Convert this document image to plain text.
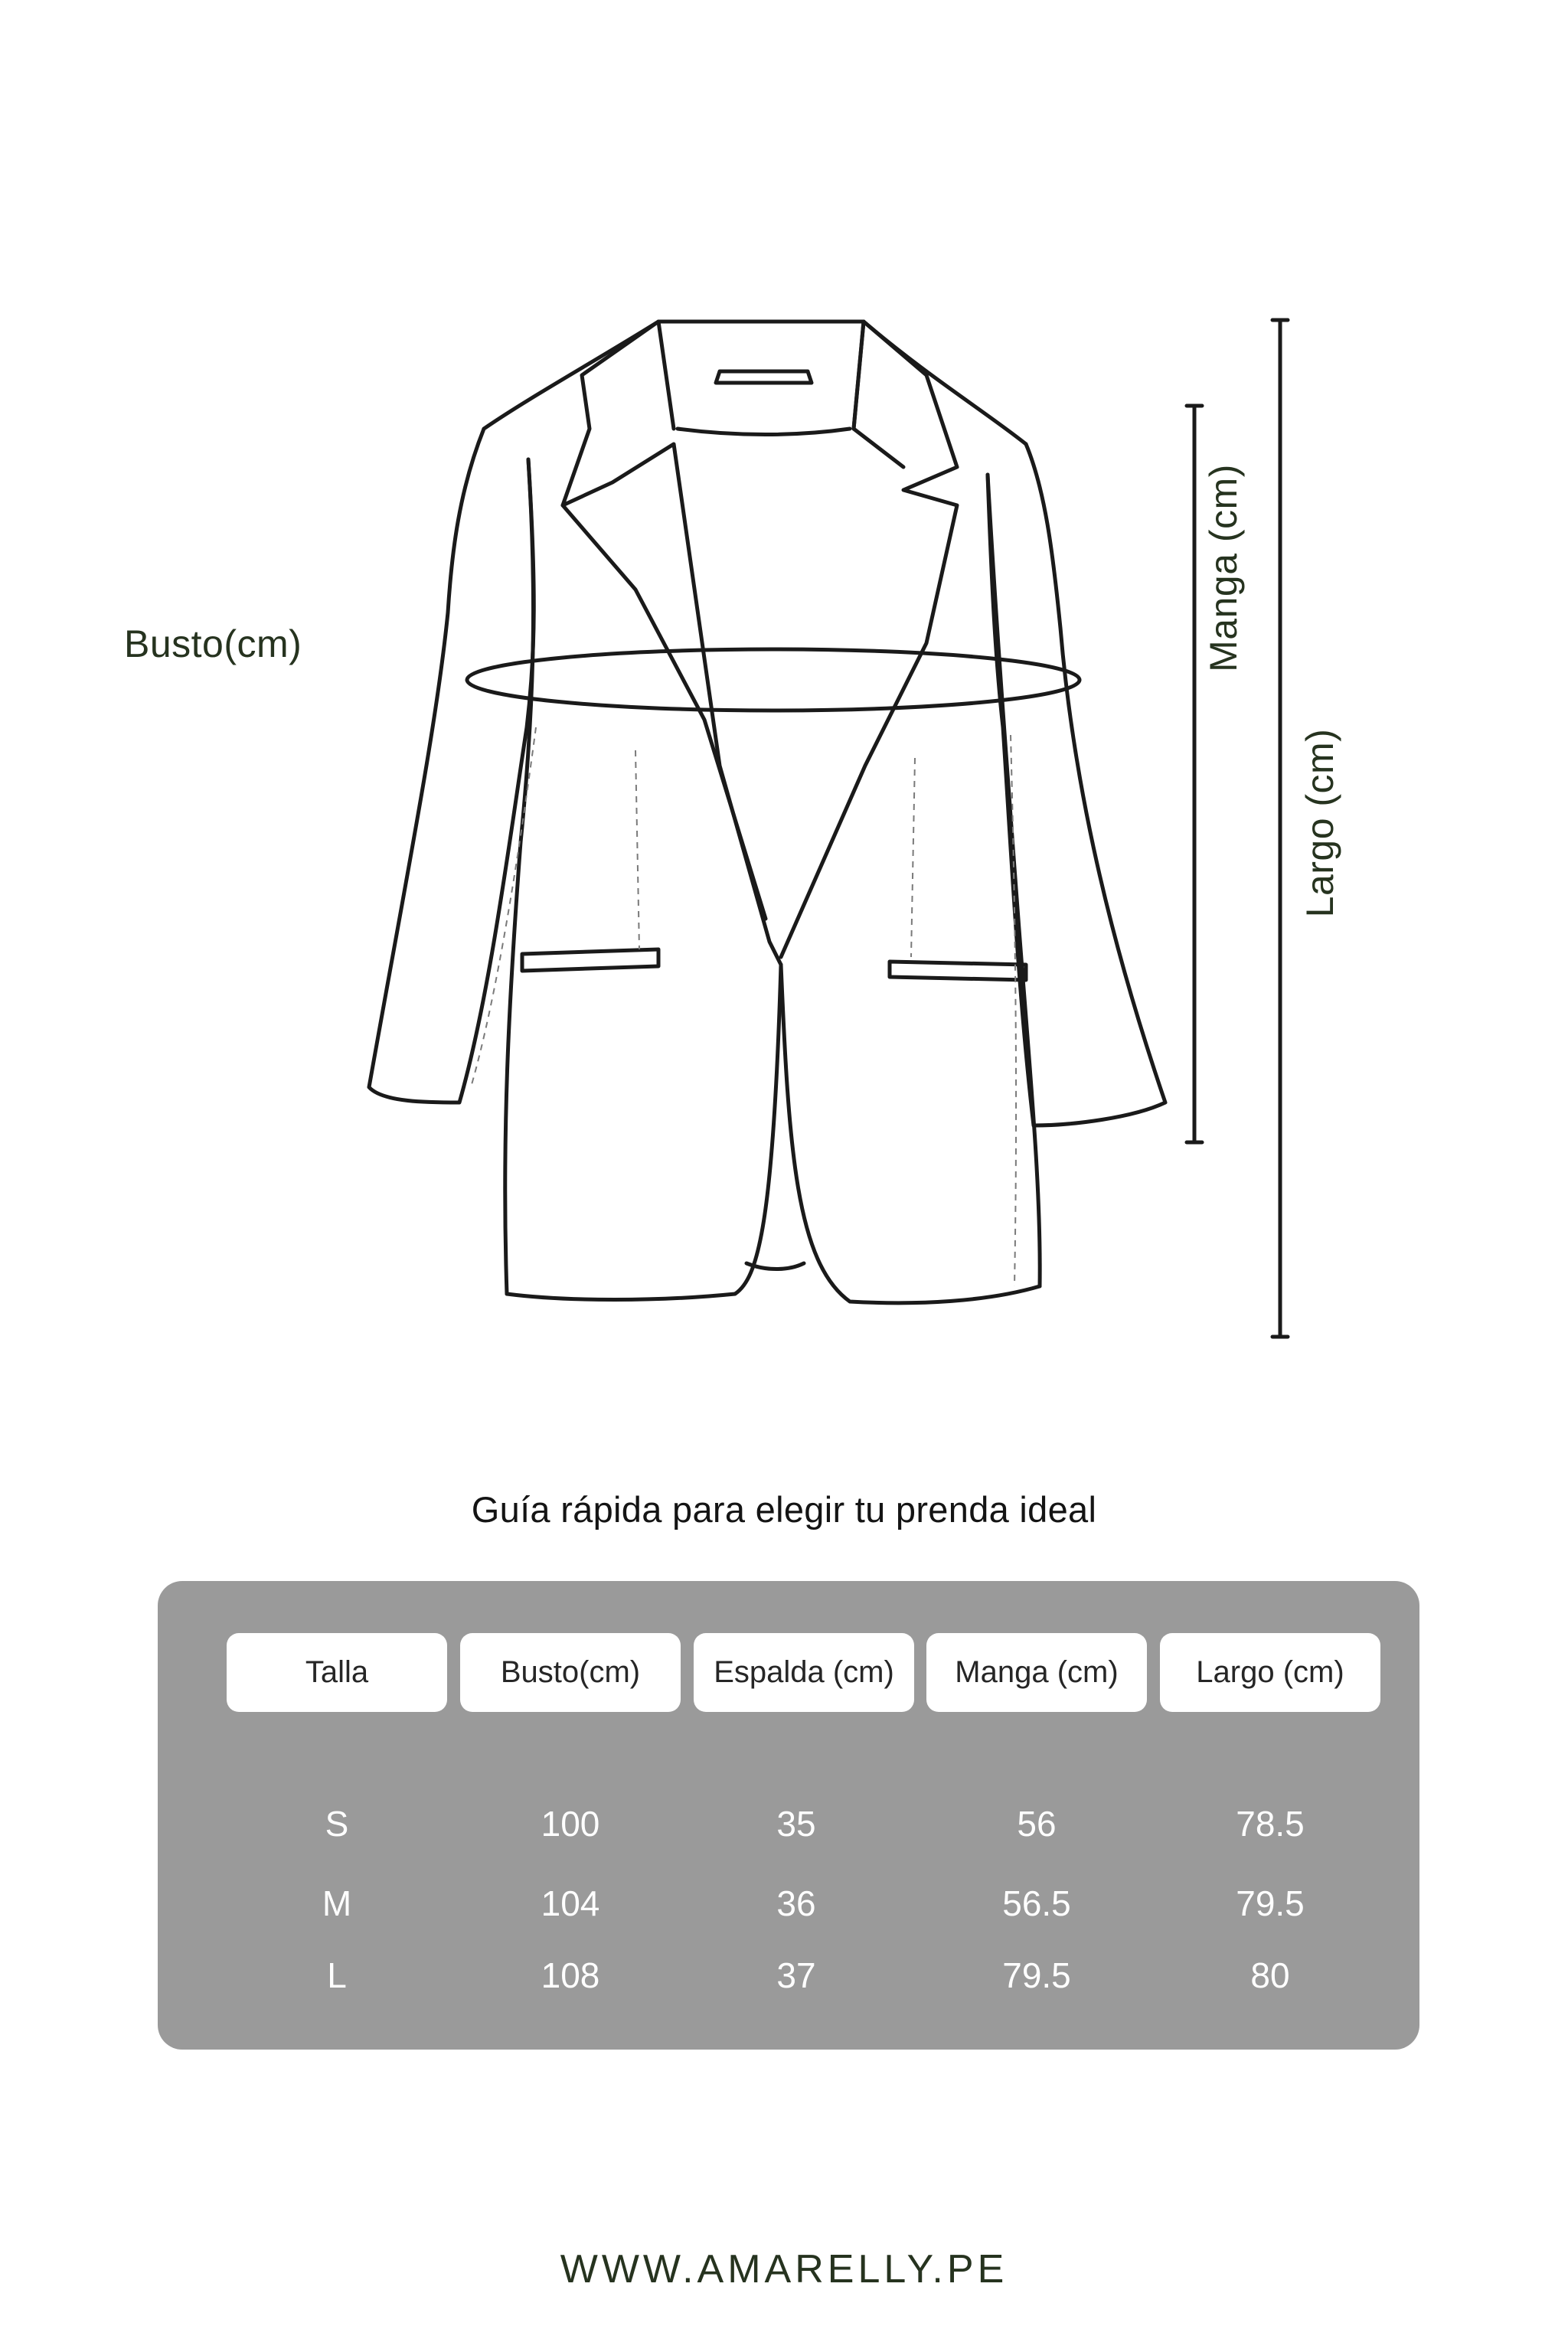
Busto(cm)	Manga (cm)
Largo (cm)
Guía rápida para elegir tu prenda ideal
Talla	Busto(cm)	Espalda (cm)	Manga (cm)	Largo (cm)
S	100	35	56	78.5
M	104	36	56.5	79.5
L	108	37	79.5	80
WWW.AMARELLY.PE
